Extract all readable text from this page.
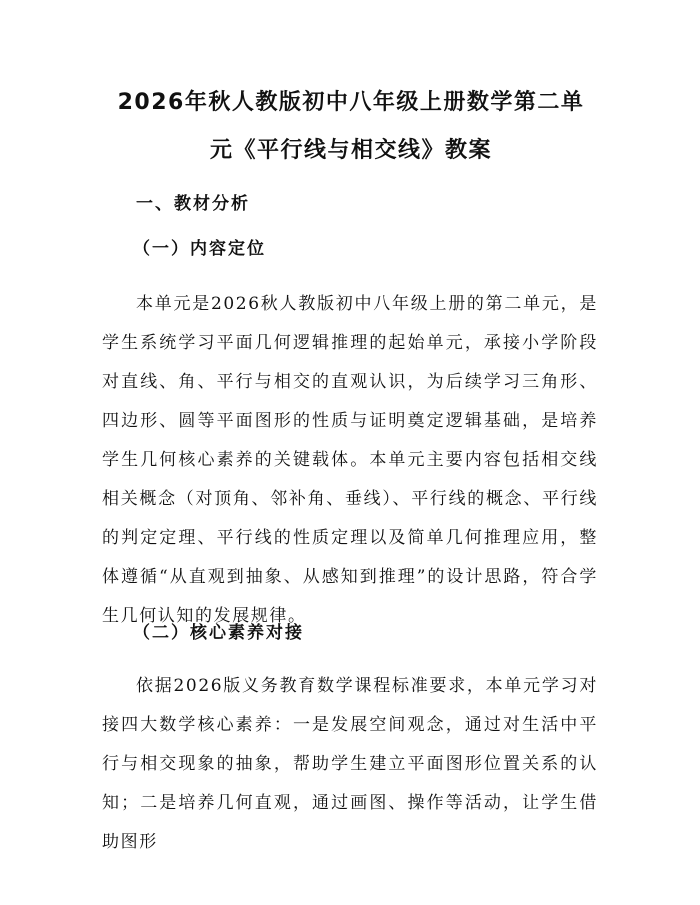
2026年秋人教版初中八年级上册数学第二单
元《平行线与相交线》教案
一、教材分析
（一）内容定位

本单元是2026秋人教版初中八年级上册的第二单元，是学生系统学习平面几何逻辑推理的起始单元，承接小学阶段对直线、角、平行与相交的直观认识，为后续学习三角形、四边形、圆等平面图形的性质与证明奠定逻辑基础，是培养学生几何核心素养的关键载体。本单元主要内容包括相交线相关概念（对顶角、邻补角、垂线）、平行线的概念、平行线的判定定理、平行线的性质定理以及简单几何推理应用，整体遵循“从直观到抽象、从感知到推理”的设计思路，符合学生几何认知的发展规律。

（二）核心素养对接

依据2026版义务教育数学课程标准要求，本单元学习对接四大数学核心素养：一是发展空间观念，通过对生活中平行与相交现象的抽象，帮助学生建立平面图形位置关系的认知；二是培养几何直观，通过画图、操作等活动，让学生借助图形
